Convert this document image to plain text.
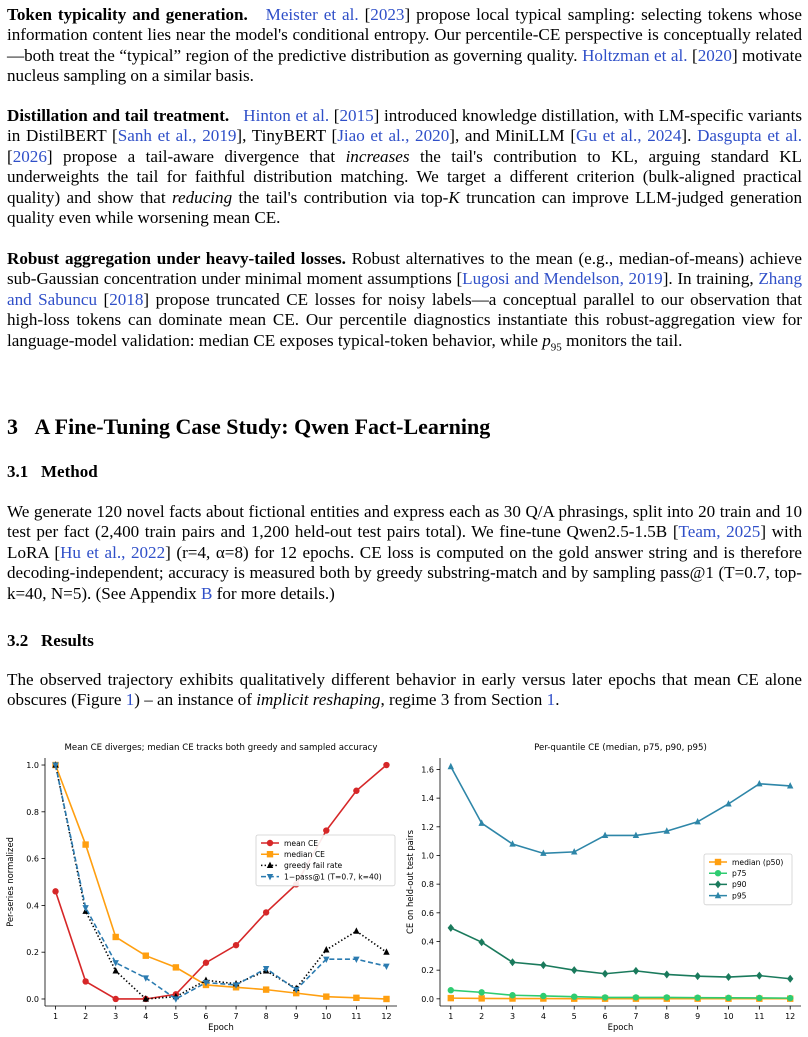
Token typicality and generation. Meister et al. [2023] propose local typical sampling: selecting tokens whose information content lies near the model's conditional entropy. Our percentile-CE perspective is conceptually related—both treat the “typical” region of the predictive distribution as governing quality. Holtzman et al. [2020] motivate nucleus sampling on a similar basis.

Distillation and tail treatment. Hinton et al. [2015] introduced knowledge distillation, with LM-specific variants in DistilBERT [Sanh et al., 2019], TinyBERT [Jiao et al., 2020], and MiniLLM [Gu et al., 2024]. Dasgupta et al. [2026] propose a tail-aware divergence that increases the tail's contribution to KL, arguing standard KL underweights the tail for faithful distribution matching. We target a different criterion (bulk-aligned practical quality) and show that reducing the tail's contribution via top-K truncation can improve LLM-judged generation quality even while worsening mean CE.

Robust aggregation under heavy-tailed losses. Robust alternatives to the mean (e.g., median-of-means) achieve sub-Gaussian concentration under minimal moment assumptions [Lugosi and Mendelson, 2019]. In training, Zhang and Sabuncu [2018] propose truncated CE losses for noisy labels—a conceptual parallel to our observation that high-loss tokens can dominate mean CE. Our percentile diagnostics instantiate this robust-aggregation view for language-model validation: median CE exposes typical-token behavior, while $p_{95}$ monitors the tail.

3 A Fine-Tuning Case Study: Qwen Fact-Learning
3.1 Method

We generate 120 novel facts about fictional entities and express each as 30 Q/A phrasings, split into 20 train and 10 test per fact (2,400 train pairs and 1,200 held-out test pairs total). We fine-tune Qwen2.5-1.5B [Team, 2025] with LoRA [Hu et al., 2022] (r=4, α=8) for 12 epochs. CE loss is computed on the gold answer string and is therefore decoding-independent; accuracy is measured both by greedy substring-match and by sampling pass@1 (T=0.7, top-k=40, N=5). (See Appendix B for more details.)

3.2 Results

The observed trajectory exhibits qualitatively different behavior in early versus later epochs that mean CE alone obscures (Figure 1) – an instance of implicit reshaping, regime 3 from Section 1.

Mean CE diverges; median CE tracks both greedy and sampled accuracy
1	2	3	4	5	6	7	8	9	10 11 12
0.0
0.2
0.4
0.6
0.8
1.0
Epoch
Per-series normalized	mean CE
median CE
greedy fail rate
1−pass@1 (T=0.7, k=40)
Per-quantile CE (median, p75, p90, p95)
1	2	3	4	5	6	7	8	9	10	11	12
0.0
0.2
0.4
0.6
0.8
1.0
1.2
1.4
1.6
Epoch
CE on held-out test pairs	median (p50)
p75
p90
p95
